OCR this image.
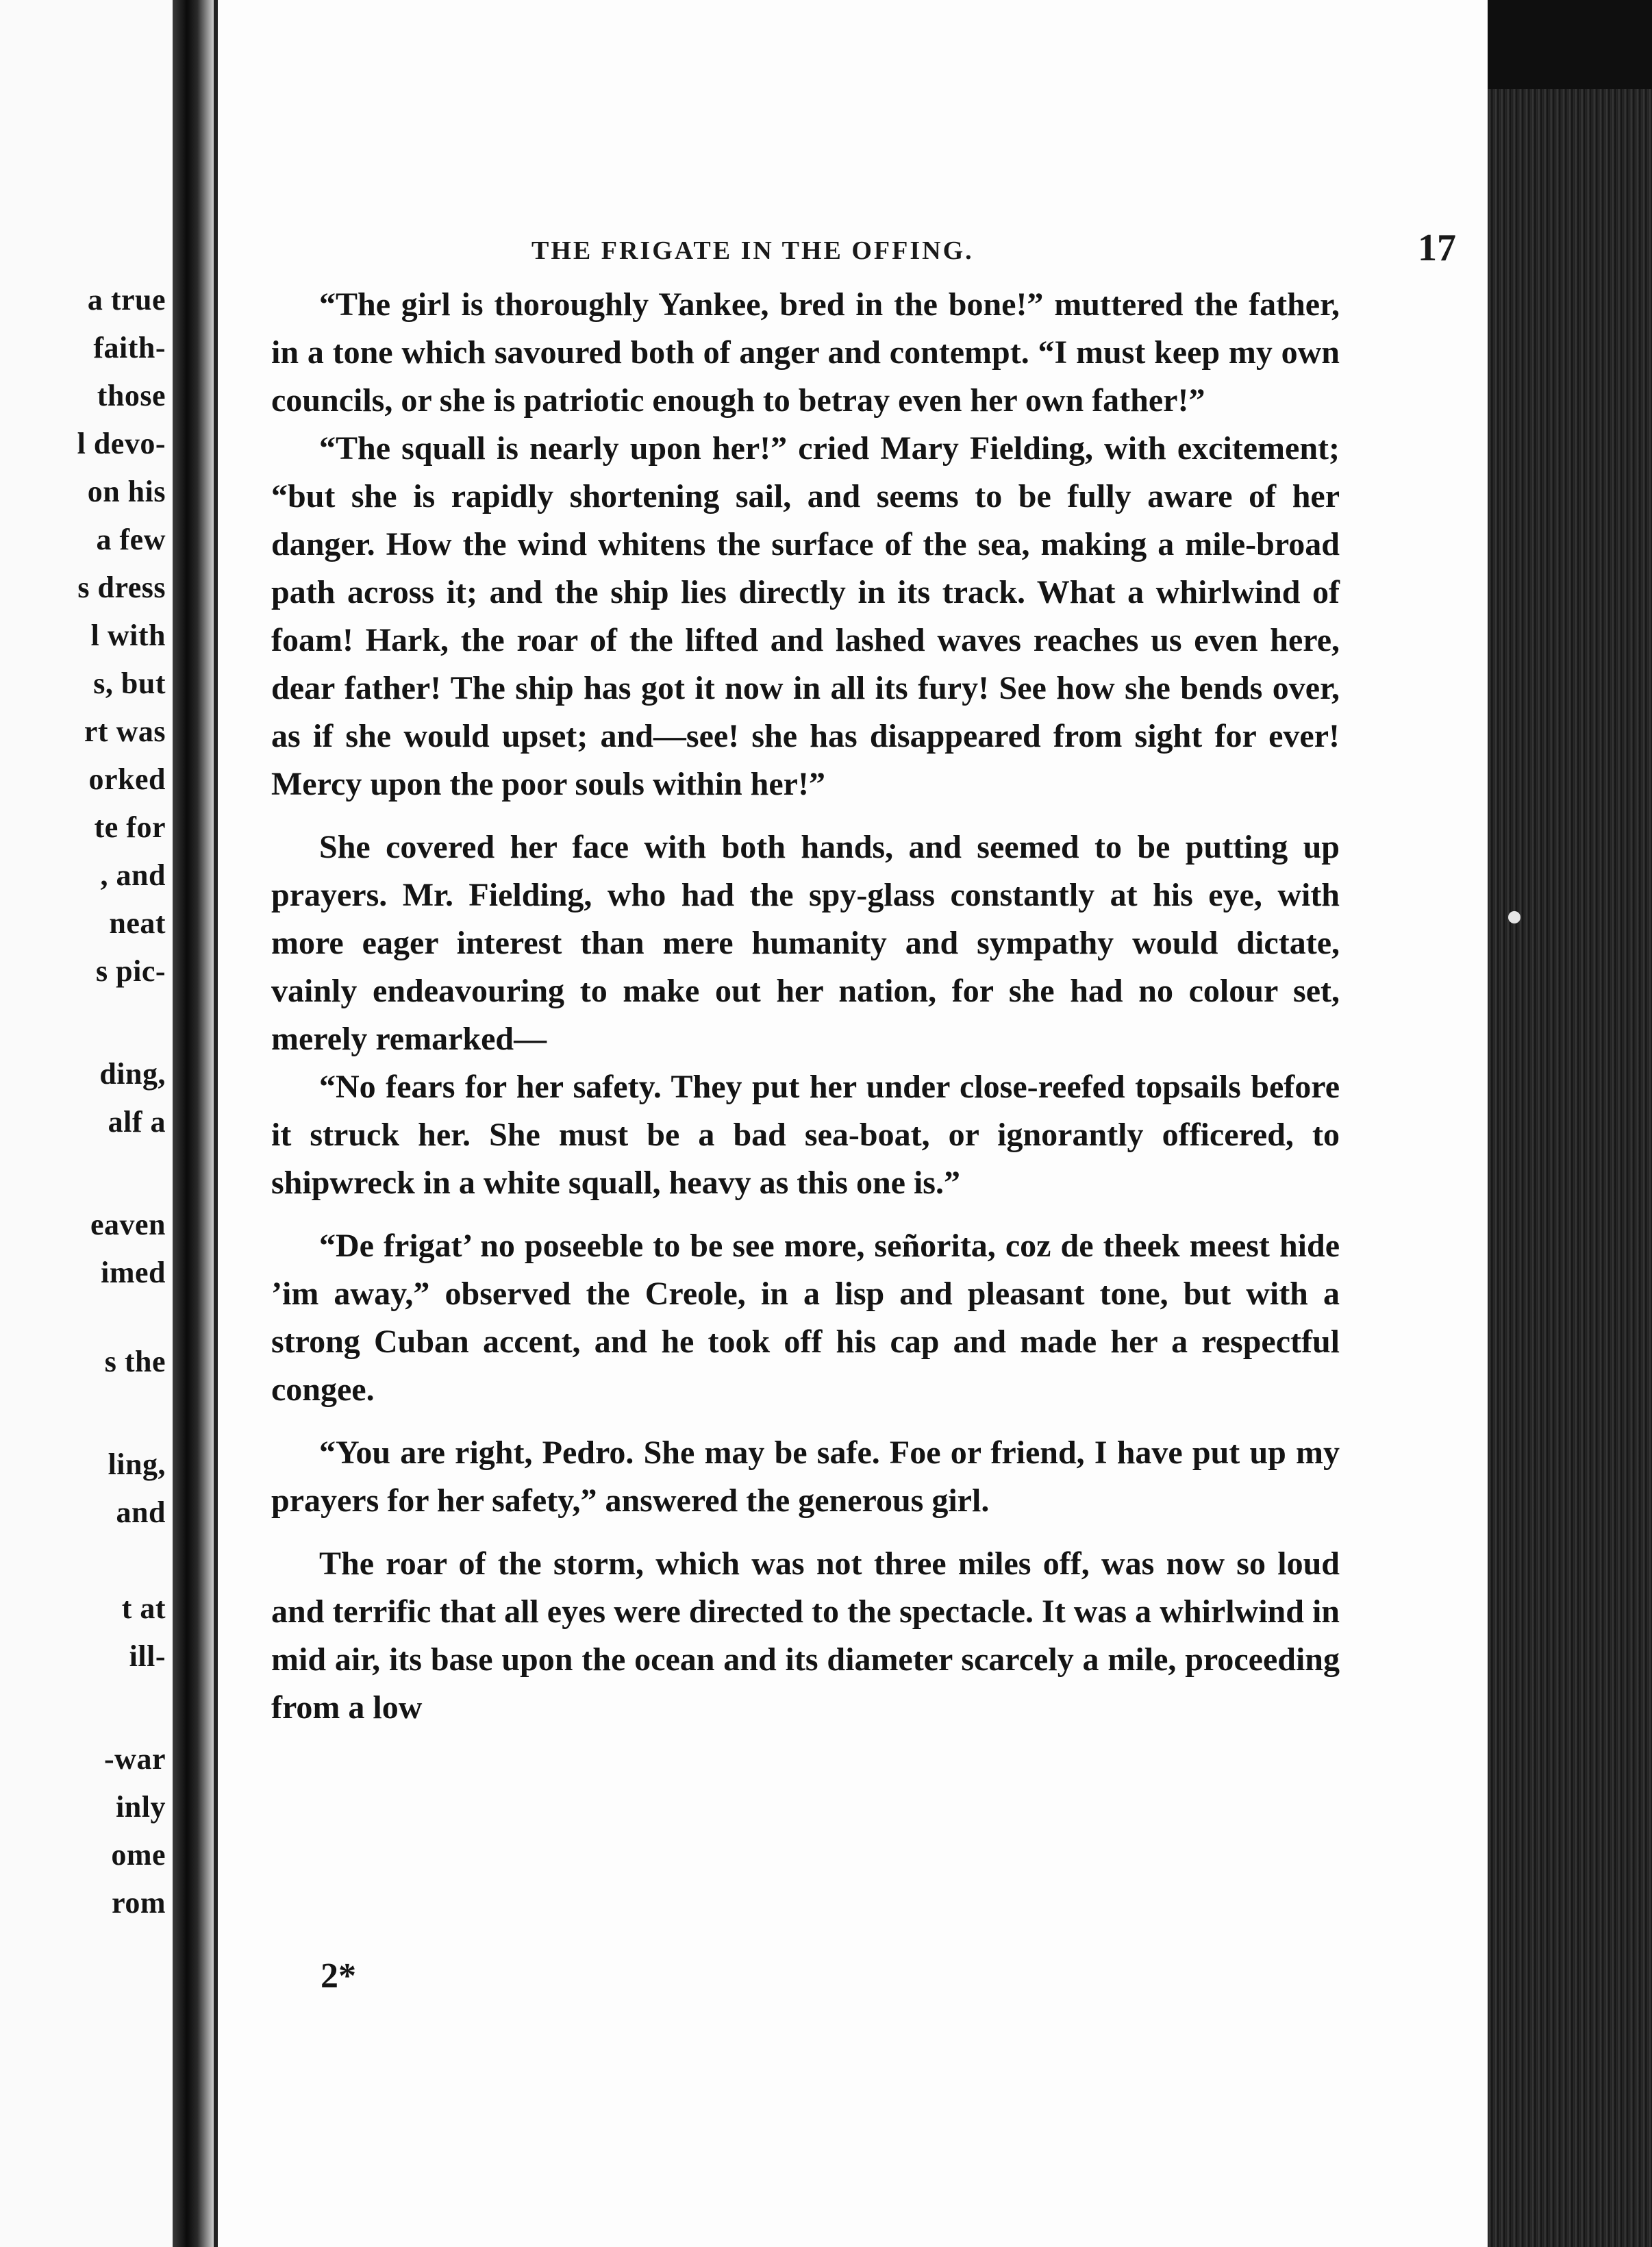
a true
faith-
those
l devo-
on his
a few
s dress
l with
s, but
rt was
orked
te for
, and
neat
s pic-
ding,
alf a
eaven
imed
s the
ling,
and
t at
ill-
-war
inly
ome
rom
THE FRIGATE IN THE OFFING.	17

“The girl is thoroughly Yankee, bred in the bone!” muttered the father, in a tone which savoured both of anger and contempt. “I must keep my own councils, or she is patriotic enough to betray even her own father!”

“The squall is nearly upon her!” cried Mary Fielding, with excitement; “but she is rapidly shortening sail, and seems to be fully aware of her danger. How the wind whitens the surface of the sea, making a mile-broad path across it; and the ship lies directly in its track. What a whirlwind of foam! Hark, the roar of the lifted and lashed waves reaches us even here, dear father! The ship has got it now in all its fury! See how she bends over, as if she would upset; and—see! she has disappeared from sight for ever! Mercy upon the poor souls within her!”

She covered her face with both hands, and seemed to be putting up prayers. Mr. Fielding, who had the spy-glass constantly at his eye, with more eager interest than mere humanity and sympathy would dictate, vainly endeavouring to make out her nation, for she had no colour set, merely remarked—

“No fears for her safety. They put her under close-reefed topsails before it struck her. She must be a bad sea-boat, or ignorantly officered, to shipwreck in a white squall, heavy as this one is.”

“De frigat’ no poseeble to be see more, señorita, coz de theek meest hide ’im away,” observed the Creole, in a lisp and pleasant tone, but with a strong Cuban accent, and he took off his cap and made her a respectful congee.

“You are right, Pedro. She may be safe. Foe or friend, I have put up my prayers for her safety,” answered the generous girl.

The roar of the storm, which was not three miles off, was now so loud and terrific that all eyes were directed to the spectacle. It was a whirlwind in mid air, its base upon the ocean and its diameter scarcely a mile, proceeding from a low

2*
